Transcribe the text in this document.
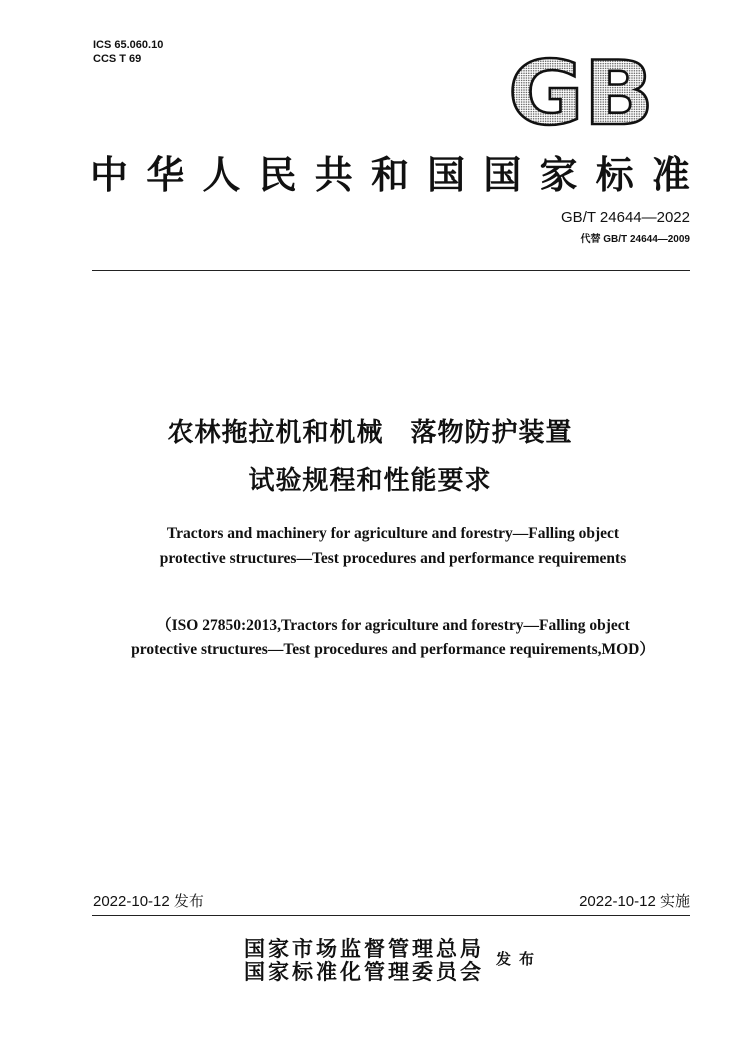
ICS 65.060.10
CCS T 69	GB
中 华 人 民 共 和 国 国 家 标 准
GB/T 24644—2022
代替 GB/T 24644—2009
农林拖拉机和机械　落物防护装置
试验规程和性能要求
Tractors and machinery for agriculture and forestry—Falling object
protective structures—Test procedures and performance requirements
（ISO 27850:2013,Tractors for agriculture and forestry—Falling object
protective structures—Test procedures and performance requirements,MOD）
2022-10-12 发布	2022-10-12 实施
国家市场监督管理总局
国家标准化管理委员会 发布
